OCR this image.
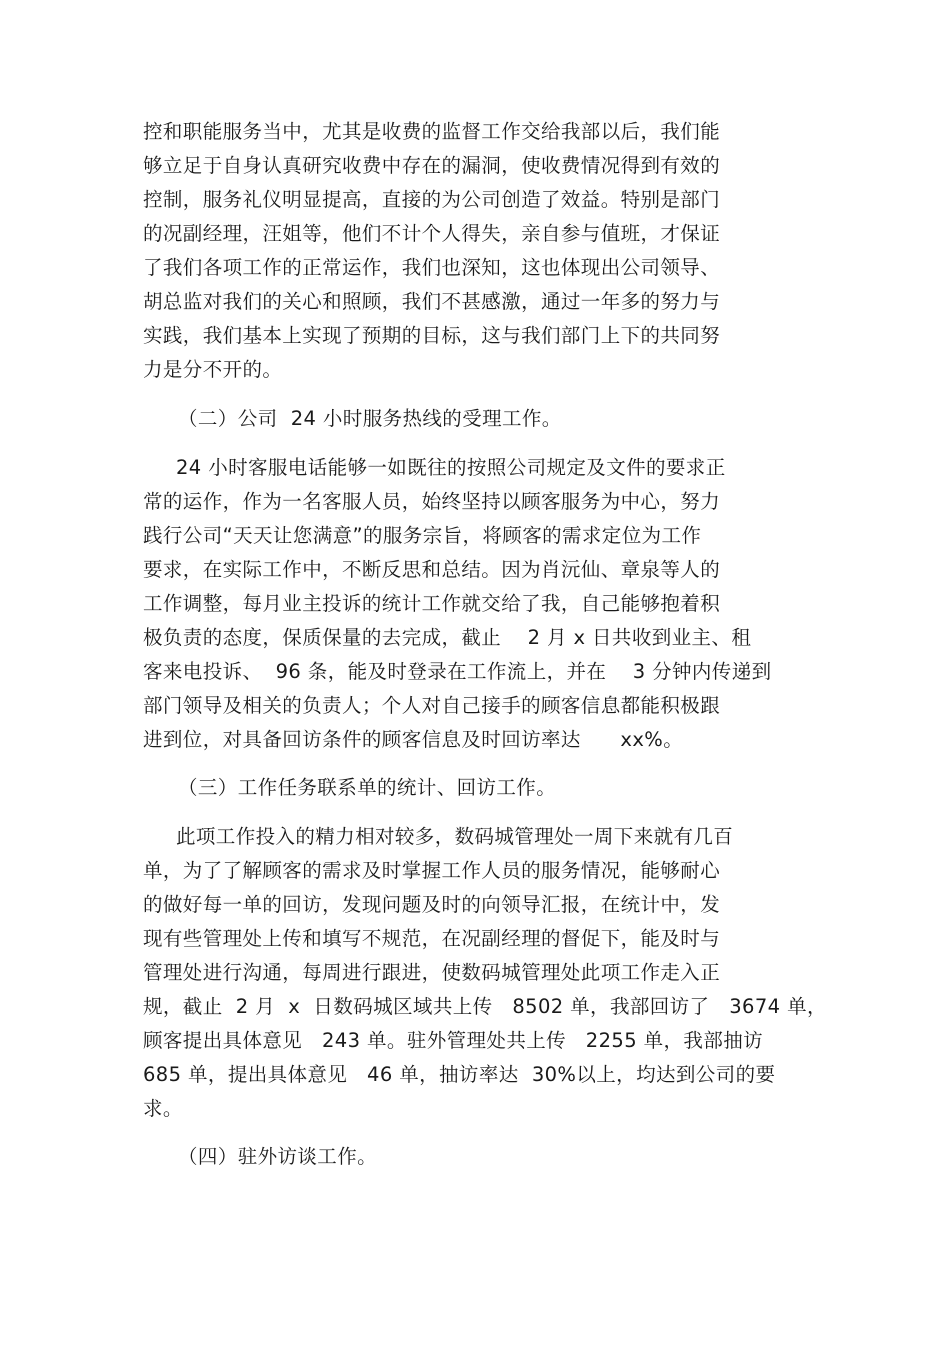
控和职能服务当中，尤其是收费的监督工作交给我部以后，我们能
够立足于自身认真研究收费中存在的漏洞，使收费情况得到有效的
控制，服务礼仪明显提高，直接的为公司创造了效益。特别是部门
的况副经理，汪姐等，他们不计个人得失，亲自参与值班，才保证
了我们各项工作的正常运作，我们也深知，这也体现出公司领导、
胡总监对我们的关心和照顾，我们不甚感激，通过一年多的努力与
实践，我们基本上实现了预期的目标，这与我们部门上下的共同努
力是分不开的。
（二）公司  24 小时服务热线的受理工作。
24 小时客服电话能够一如既往的按照公司规定及文件的要求正
常的运作，作为一名客服人员，始终坚持以顾客服务为中心，努力
践行公司“天天让您满意”的服务宗旨，将顾客的需求定位为工作
要求，在实际工作中，不断反思和总结。因为肖沅仙、章泉等人的
工作调整，每月业主投诉的统计工作就交给了我，自己能够抱着积
极负责的态度，保质保量的去完成，截止    2 月 x 日共收到业主、租
客来电投诉、  96 条，能及时登录在工作流上，并在    3 分钟内传递到
部门领导及相关的负责人；个人对自己接手的顾客信息都能积极跟
进到位，对具备回访条件的顾客信息及时回访率达      xx%。
（三）工作任务联系单的统计、回访工作。
此项工作投入的精力相对较多，数码城管理处一周下来就有几百
单，为了了解顾客的需求及时掌握工作人员的服务情况，能够耐心
的做好每一单的回访，发现问题及时的向领导汇报，在统计中，发
现有些管理处上传和填写不规范，在况副经理的督促下，能及时与
管理处进行沟通，每周进行跟进，使数码城管理处此项工作走入正
规，截止  2 月  x  日数码城区域共上传   8502 单，我部回访了   3674 单，
顾客提出具体意见   243 单。驻外管理处共上传   2255 单，我部抽访
685 单，提出具体意见   46 单，抽访率达  30%以上，均达到公司的要
求。
（四）驻外访谈工作。
